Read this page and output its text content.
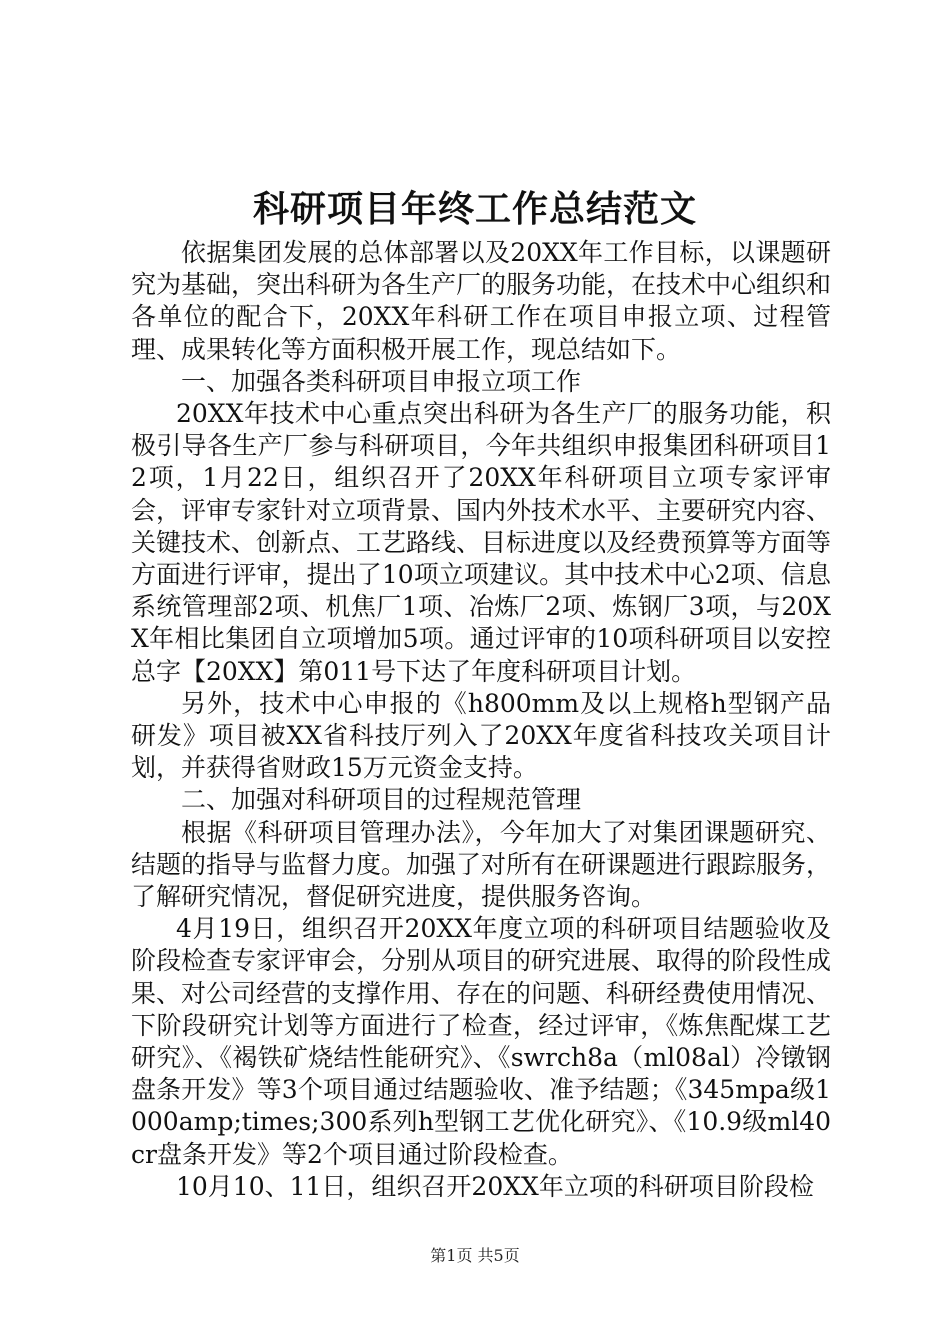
科研项目年终工作总结范文

依据集团发展的总体部署以及20XX年工作目标，以课题研究为基础，突出科研为各生产厂的服务功能，在技术中心组织和各单位的配合下，20XX年科研工作在项目申报立项、过程管理、成果转化等方面积极开展工作，现总结如下。

一、加强各类科研项目申报立项工作

20XX年技术中心重点突出科研为各生产厂的服务功能，积极引导各生产厂参与科研项目，今年共组织申报集团科研项目12项，1月22日，组织召开了20XX年科研项目立项专家评审会，评审专家针对立项背景、国内外技术水平、主要研究内容、关键技术、创新点、工艺路线、目标进度以及经费预算等方面等方面进行评审，提出了10项立项建议。其中技术中心2项、信息系统管理部2项、机焦厂1项、冶炼厂2项、炼钢厂3项，与20XX年相比集团自立项增加5项。通过评审的10项科研项目以安控总字【20XX】第011号下达了年度科研项目计划。

另外，技术中心申报的《h800mm及以上规格h型钢产品研发》项目被XX省科技厅列入了20XX年度省科技攻关项目计划，并获得省财政15万元资金支持。

二、加强对科研项目的过程规范管理

根据《科研项目管理办法》，今年加大了对集团课题研究、结题的指导与监督力度。加强了对所有在研课题进行跟踪服务，了解研究情况，督促研究进度，提供服务咨询。

4月19日，组织召开20XX年度立项的科研项目结题验收及阶段检查专家评审会，分别从项目的研究进展、取得的阶段性成果、对公司经营的支撑作用、存在的问题、科研经费使用情况、下阶段研究计划等方面进行了检查，经过评审，《炼焦配煤工艺研究》、《褐铁矿烧结性能研究》、《swrch8a（ml08al）冷镦钢盘条开发》等3个项目通过结题验收、准予结题；《345mpa级1000amp;times;300系列h型钢工艺优化研究》、《10.9级ml40cr盘条开发》等2个项目通过阶段检查。

10月10、11日，组织召开20XX年立项的科研项目阶段检

第1页 共5页
